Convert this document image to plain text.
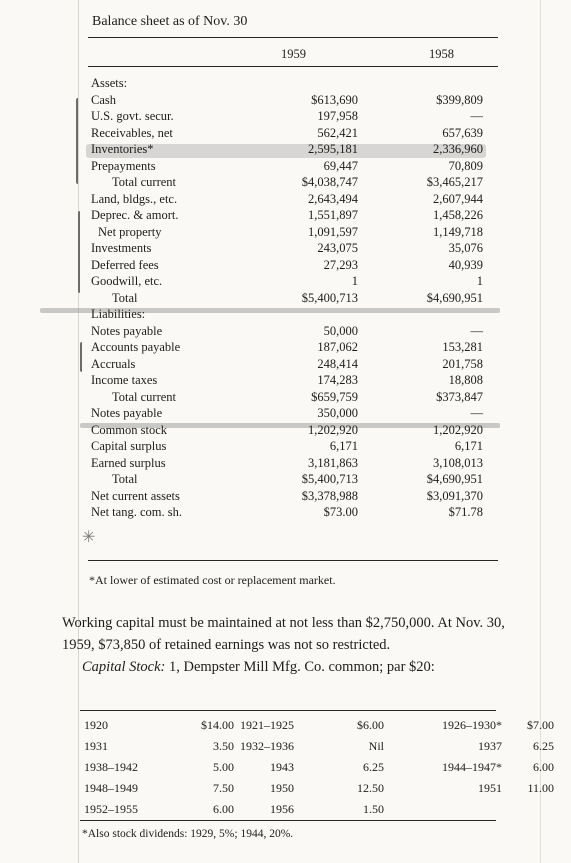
Balance sheet as of Nov. 30
1959	1958
✳
Assets:
Cash	$613,690	$399,809
U.S. govt. secur.	197,958	—
Receivables, net	562,421	657,639
Inventories*	2,595,181	2,336,960
Prepayments	69,447	70,809
Total current	$4,038,747	$3,465,217
Land, bldgs., etc.	2,643,494	2,607,944
Deprec. & amort.	1,551,897	1,458,226
Net property	1,091,597	1,149,718
Investments	243,075	35,076
Deferred fees	27,293	40,939
Goodwill, etc.	1	1
Total	$5,400,713	$4,690,951
Liabilities:
Notes payable	50,000	—
Accounts payable	187,062	153,281
Accruals	248,414	201,758
Income taxes	174,283	18,808
Total current	$659,759	$373,847
Notes payable	350,000	—
Common stock	1,202,920	1,202,920
Capital surplus	6,171	6,171
Earned surplus	3,181,863	3,108,013
Total	$5,400,713	$4,690,951
Net current assets	$3,378,988	$3,091,370
Net tang. com. sh.	$73.00	$71.78
*At lower of estimated cost or replacement market.
Working capital must be maintained at not less than $2,750,000. At Nov. 30,
1959, $73,850 of retained earnings was not so restricted.
Capital Stock: 1, Dempster Mill Mfg. Co. common; par $20:
1920	$14.00	1921–1925	$6.00	1926–1930*	$7.00
1931	3.50	1932–1936	Nil	1937	6.25
1938–1942	5.00	1943	6.25	1944–1947*	6.00
1948–1949	7.50	1950	12.50	1951	11.00
1952–1955	6.00	1956	1.50		
*Also stock dividends: 1929, 5%; 1944, 20%.
